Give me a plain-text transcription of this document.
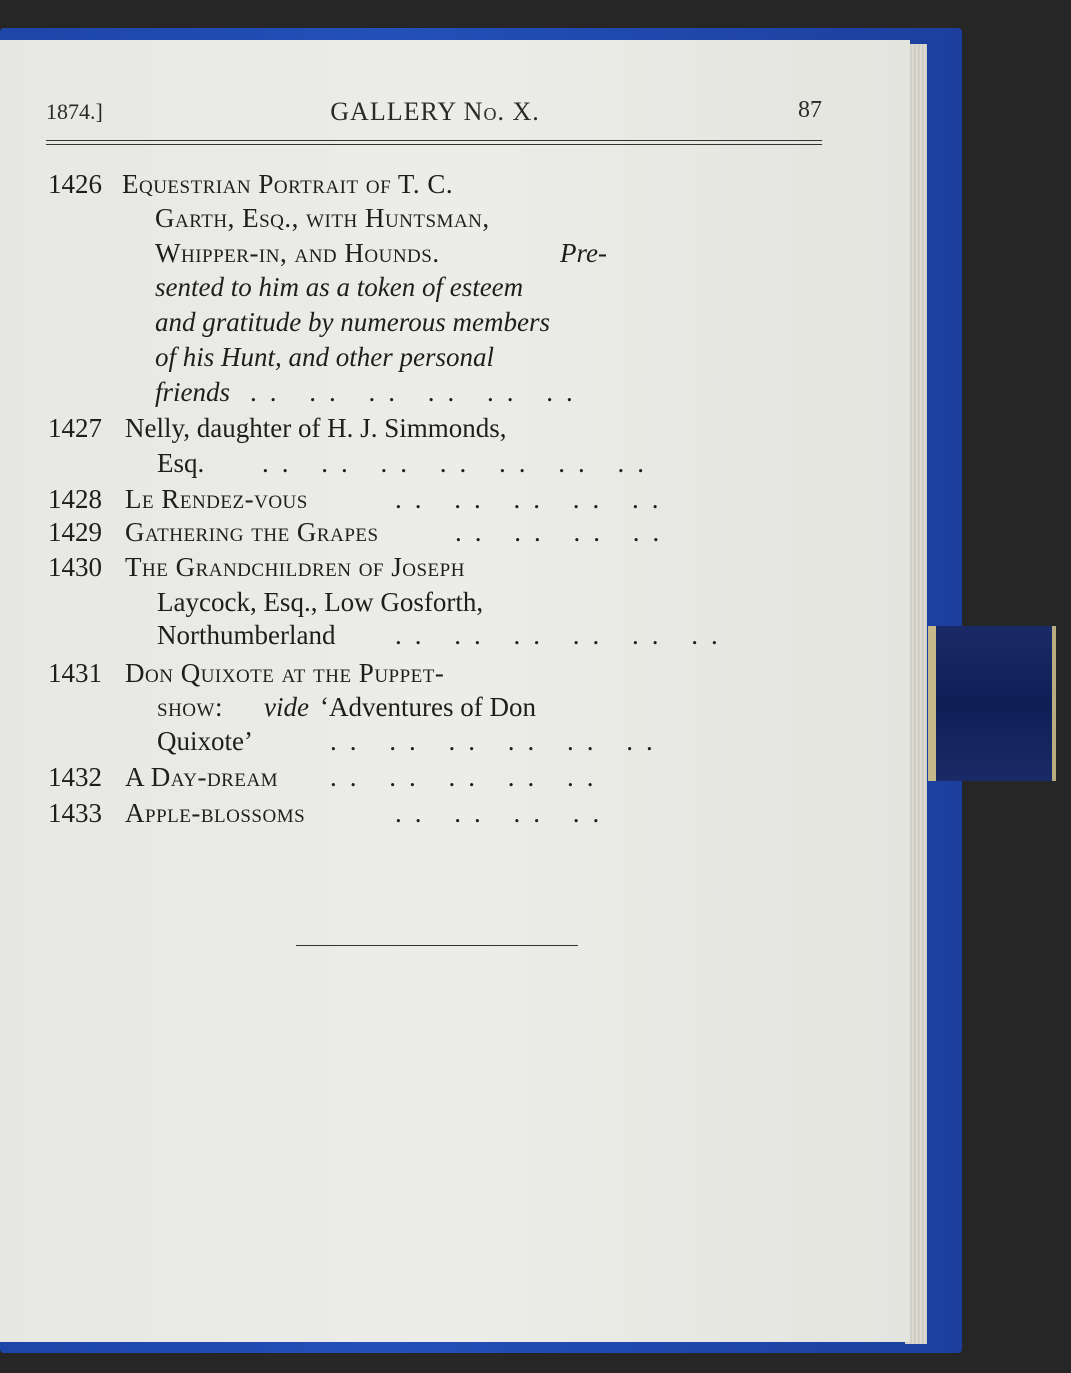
1874.]	GALLERY No. X.	87
1426 Equestrian Portrait of T. C.
Garth, Esq., with Huntsman,
Whipper-in, and Hounds.	Pre-
sented to him as a token of esteem
and gratitude by numerous members
of his Hunt, and other personal
friends .. .. .. .. .. ..
1427 Nelly, daughter of H. J. Simmonds,
Esq. .. .. .. .. .. .. ..
1428 Le Rendez-vous	.. .. .. .. ..
1429 Gathering the Grapes	.. .. .. ..
1430 The Grandchildren of Joseph
Laycock, Esq., Low Gosforth,
Northumberland .. .. .. .. .. ..
1431 Don Quixote at the Puppet-
show: vide ‘Adventures of Don
Quixote’	.. .. .. .. .. ..
1432 A Day-dream .. .. .. .. ..
1433 Apple-blossoms	.. .. .. ..
